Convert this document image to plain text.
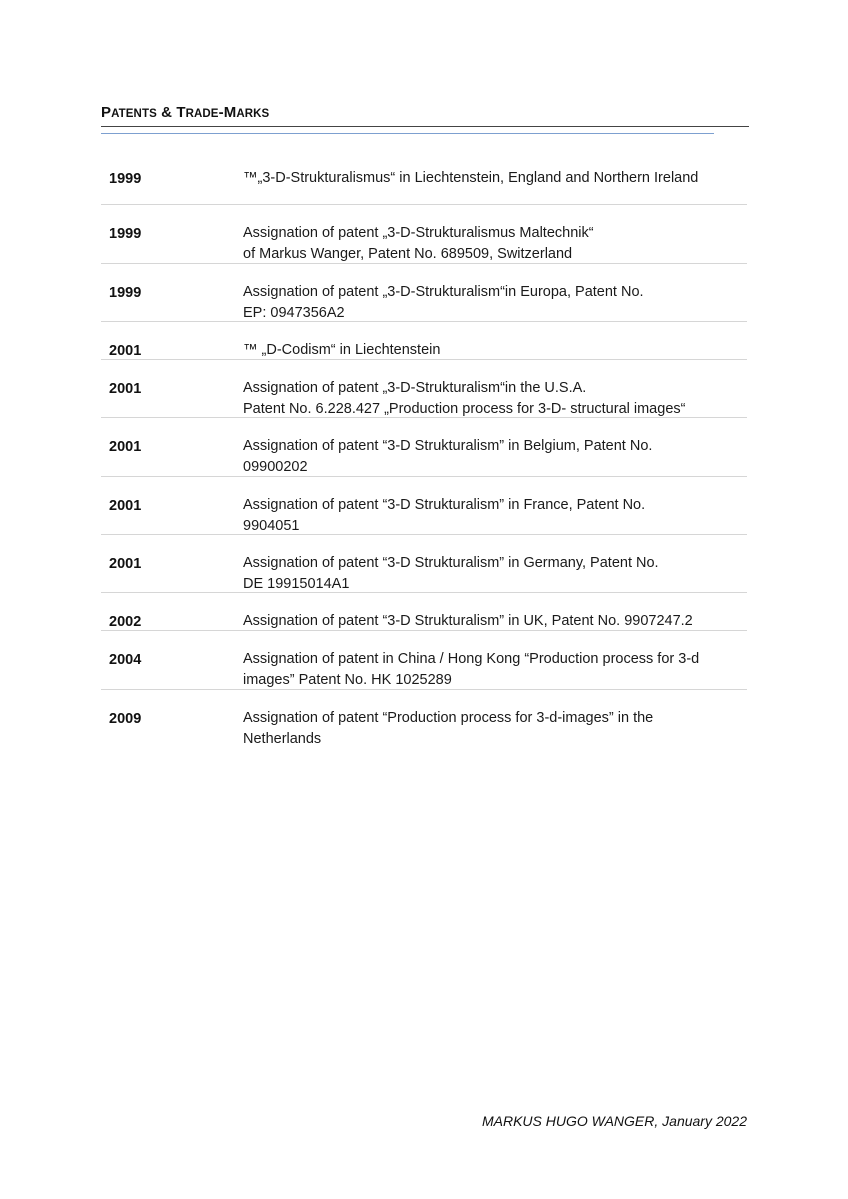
PATENTS & TRADE-MARKS
1999	™„3-D-Strukturalismus“ in Liechtenstein, England and Northern Ireland
1999	Assignation of patent „3-D-Strukturalismus Maltechnik“
of Markus Wanger, Patent No. 689509, Switzerland
1999	Assignation of patent „3-D-Strukturalism“in Europa, Patent No.
EP: 0947356A2
2001	™ „D-Codism“ in Liechtenstein
2001	Assignation of patent „3-D-Strukturalism“in the U.S.A.
Patent No. 6.228.427 „Production process for 3-D- structural images“
2001	Assignation of patent “3-D Strukturalism” in Belgium, Patent No.
09900202
2001	Assignation of patent “3-D Strukturalism” in France, Patent No.
9904051
2001	Assignation of patent “3-D Strukturalism” in Germany, Patent No.
DE 19915014A1
2002	Assignation of patent “3-D Strukturalism” in UK, Patent No. 9907247.2
2004	Assignation of patent in China / Hong Kong “Production process for 3-d
images” Patent No. HK 1025289
2009	Assignation of patent “Production process for 3-d-images” in the
Netherlands
MARKUS HUGO WANGER, January 2022
